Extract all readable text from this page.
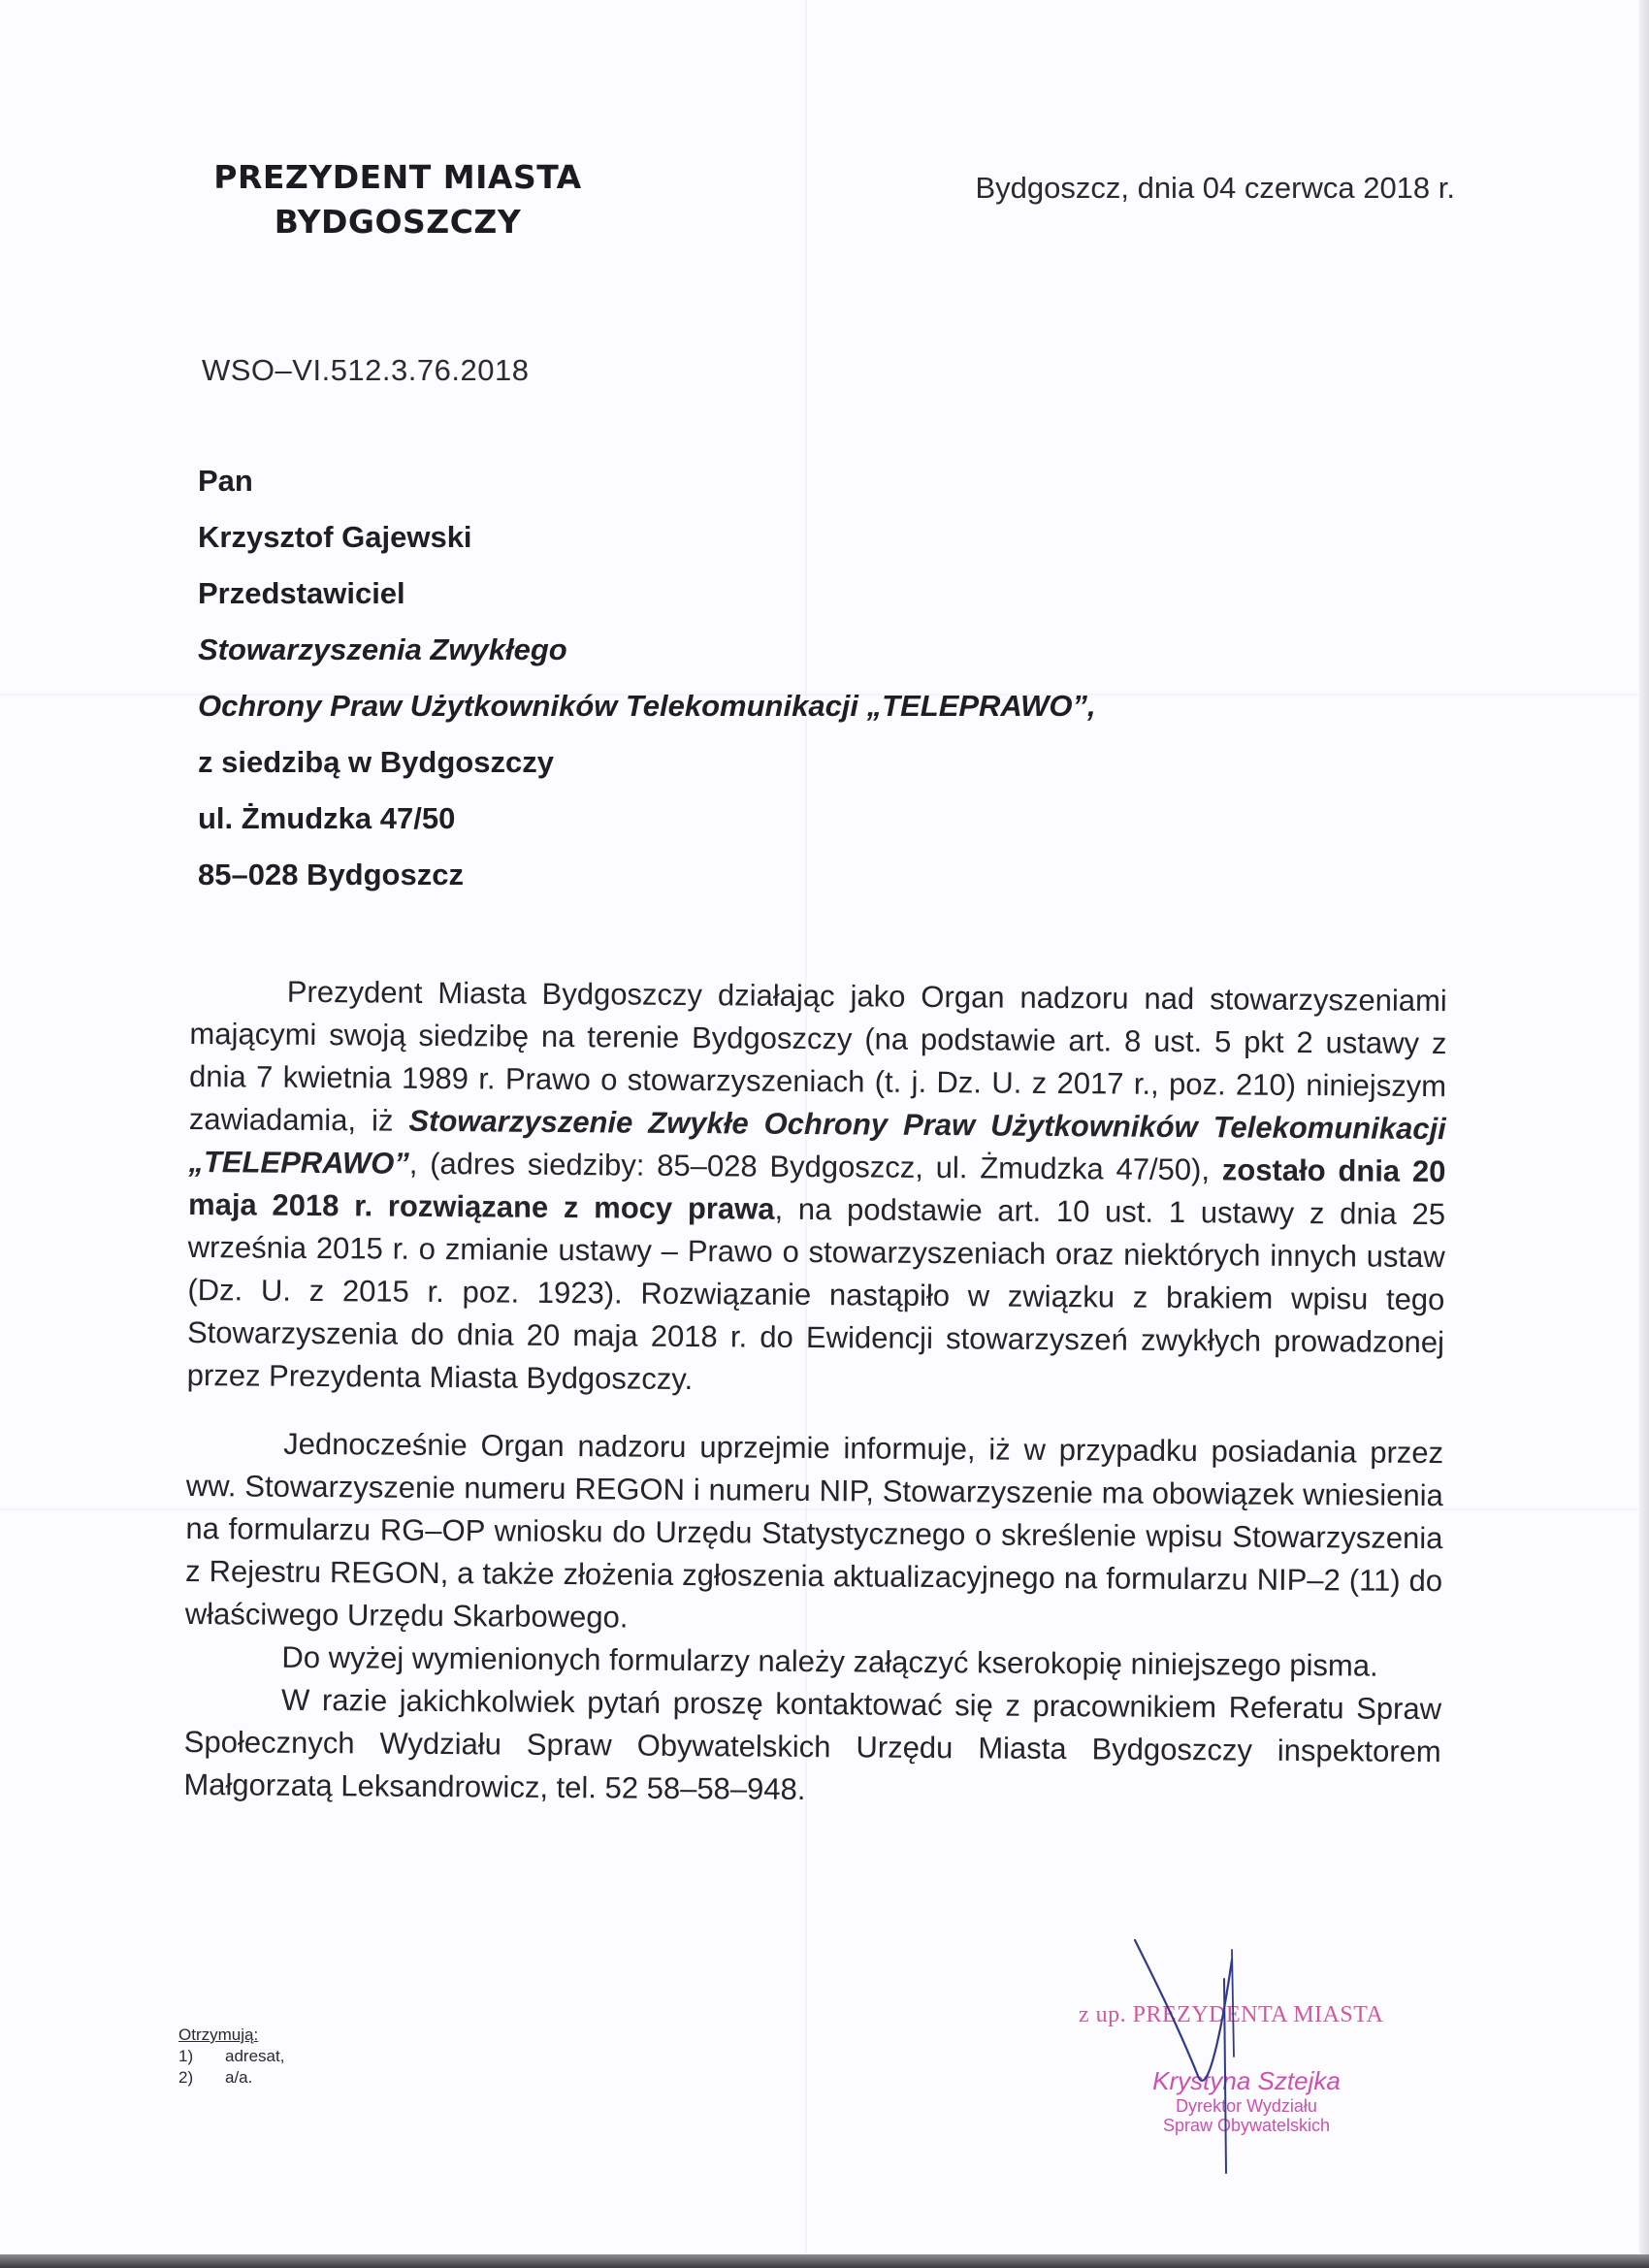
PREZYDENT MIASTA
BYDGOSZCZY
Bydgoszcz, dnia 04 czerwca 2018 r.
WSO–VI.512.3.76.2018
Pan
Krzysztof Gajewski
Przedstawiciel
Stowarzyszenia Zwykłego
Ochrony Praw Użytkowników Telekomunikacji „TELEPRAWO”,
z siedzibą w Bydgoszczy
ul. Żmudzka 47/50
85–028 Bydgoszcz

Prezydent Miasta Bydgoszczy działając jako Organ nadzoru nad stowarzyszeniami mającymi swoją siedzibę na terenie Bydgoszczy (na podstawie art. 8 ust. 5 pkt 2 ustawy z dnia 7 kwietnia 1989 r. Prawo o stowarzyszeniach (t. j. Dz. U. z 2017 r., poz. 210) niniejszym zawiadamia, iż Stowarzyszenie Zwykłe Ochrony Praw Użytkowników Telekomunikacji „TELEPRAWO”, (adres siedziby: 85–028 Bydgoszcz, ul. Żmudzka 47/50), zostało dnia 20 maja 2018 r. rozwiązane z mocy prawa, na podstawie art. 10 ust. 1 ustawy z dnia 25 września 2015 r. o zmianie ustawy – Prawo o stowarzyszeniach oraz niektórych innych ustaw (Dz. U. z 2015 r. poz. 1923). Rozwiązanie nastąpiło w związku z brakiem wpisu tego Stowarzyszenia do dnia 20 maja 2018 r. do Ewidencji stowarzyszeń zwykłych prowadzonej przez Prezydenta Miasta Bydgoszczy.

Jednocześnie Organ nadzoru uprzejmie informuje, iż w przypadku posiadania przez ww. Stowarzyszenie numeru REGON i numeru NIP, Stowarzyszenie ma obowiązek wniesienia na formularzu RG–OP wniosku do Urzędu Statystycznego o skreślenie wpisu Stowarzyszenia z Rejestru REGON, a także złożenia zgłoszenia aktualizacyjnego na formularzu NIP–2 (11) do właściwego Urzędu Skarbowego.

Do wyżej wymienionych formularzy należy załączyć kserokopię niniejszego pisma.

W razie jakichkolwiek pytań proszę kontaktować się z pracownikiem Referatu Spraw Społecznych Wydziału Spraw Obywatelskich Urzędu Miasta Bydgoszczy inspektorem Małgorzatą Leksandrowicz, tel. 52 58–58–948.

Otrzymują:
1)	adresat,
2)	a/a.
z up. PREZYDENTA MIASTA
Krystyna Sztejka
Dyrektor Wydziału
Spraw Obywatelskich
